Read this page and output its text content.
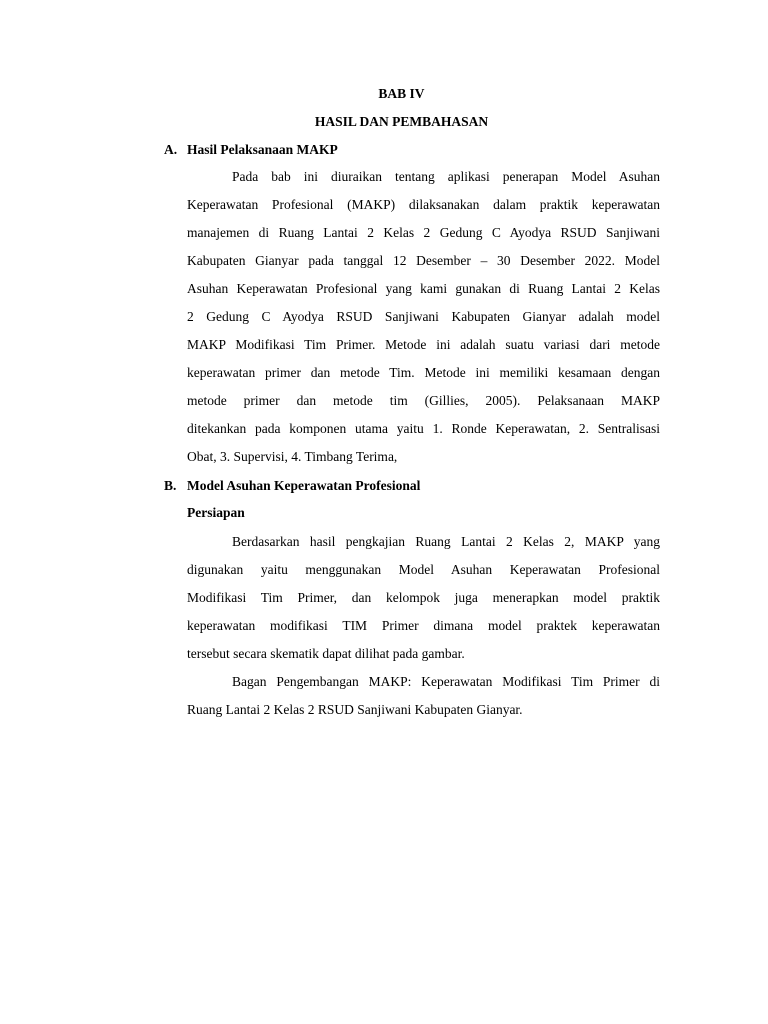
BAB IV
HASIL DAN PEMBAHASAN
A. Hasil Pelaksanaan MAKP
Pada bab ini diuraikan tentang aplikasi penerapan Model Asuhan
Keperawatan Profesional (MAKP) dilaksanakan dalam praktik keperawatan
manajemen di Ruang Lantai 2 Kelas 2 Gedung C Ayodya RSUD Sanjiwani
Kabupaten Gianyar pada tanggal 12 Desember – 30 Desember 2022. Model
Asuhan Keperawatan Profesional yang kami gunakan di Ruang Lantai 2 Kelas
2 Gedung C Ayodya RSUD Sanjiwani Kabupaten Gianyar adalah model
MAKP Modifikasi Tim Primer. Metode ini adalah suatu variasi dari metode
keperawatan primer dan metode Tim. Metode ini memiliki kesamaan dengan
metode primer dan metode tim (Gillies, 2005). Pelaksanaan MAKP
ditekankan pada komponen utama yaitu 1. Ronde Keperawatan, 2. Sentralisasi
Obat, 3. Supervisi, 4. Timbang Terima,
B. Model Asuhan Keperawatan Profesional
Persiapan
Berdasarkan hasil pengkajian Ruang Lantai 2 Kelas 2, MAKP yang
digunakan yaitu menggunakan Model Asuhan Keperawatan Profesional
Modifikasi Tim Primer, dan kelompok juga menerapkan model praktik
keperawatan modifikasi TIM Primer dimana model praktek keperawatan
tersebut secara skematik dapat dilihat pada gambar.
Bagan Pengembangan MAKP: Keperawatan Modifikasi Tim Primer di
Ruang Lantai 2 Kelas 2 RSUD Sanjiwani Kabupaten Gianyar.
